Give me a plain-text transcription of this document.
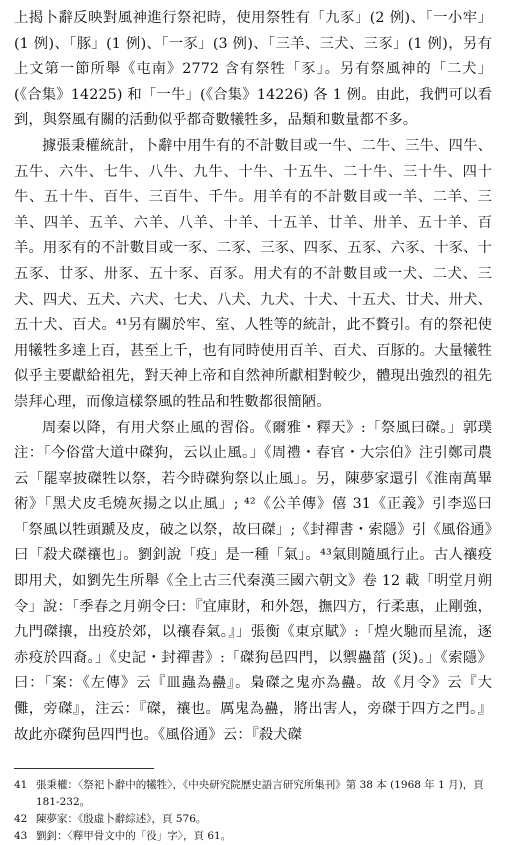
上揭卜辭反映對風神進行祭祀時，使用祭牲有「九豕」(2 例)、「一小牢」(1 例)、「豚」(1 例)、「一豕」(3 例)、「三羊、三犬、三豕」(1 例)，另有上文第一節所舉《屯南》2772 含有祭牲「豕」。另有祭風神的「二犬」(《合集》14225) 和「一牛」(《合集》14226) 各 1 例。由此，我們可以看到，與祭風有關的活動似乎都奇數犧牲多，品類和數量都不多。

據張秉權統計，卜辭中用牛有的不計數目或一牛、二牛、三牛、四牛、五牛、六牛、七牛、八牛、九牛、十牛、十五牛、二十牛、三十牛、四十牛、五十牛、百牛、三百牛、千牛。用羊有的不計數目或一羊、二羊、三羊、四羊、五羊、六羊、八羊、十羊、十五羊、廿羊、卅羊、五十羊、百羊。用豕有的不計數目或一豕、二豕、三豕、四豕、五豕、六豕、十豕、十五豕、廿豕、卅豕、五十豕、百豕。用犬有的不計數目或一犬、二犬、三犬、四犬、五犬、六犬、七犬、八犬、九犬、十犬、十五犬、廿犬、卅犬、五十犬、百犬。⁴¹另有關於牢、室、人牲等的統計，此不贅引。有的祭祀使用犧牲多達上百，甚至上千，也有同時使用百羊、百犬、百豚的。大量犧牲似乎主要獻給祖先，對天神上帝和自然神所獻相對較少，體現出強烈的祖先崇拜心理，而像這樣祭風的牲品和牲數都很簡陋。

周秦以降，有用犬祭止風的習俗。《爾雅・釋天》:「祭風曰磔。」郭璞注：「今俗當大道中磔狗，云以止風。」《周禮・春官・大宗伯》注引鄭司農云「罷辜披磔牲以祭，若今時磔狗祭以止風」。另，陳夢家還引《淮南萬畢術》「黑犬皮毛燒灰揚之以止風」; ⁴²《公羊傳》僖 31《正義》引李巡曰「祭風以牲頭蹏及皮，破之以祭，故曰磔」;《封禪書・索隱》引《風俗通》曰「殺犬磔禳也」。劉釗說「疫」是一種「氣」。⁴³氣則隨風行止。古人禳疫即用犬，如劉先生所舉《全上古三代秦漢三國六朝文》卷 12 載「明堂月朔令」說：「季春之月朔令曰：『宜庫財，和外怨，撫四方，行柔惠，止剛強，九門磔攘，出疫於郊，以禳春氣。』」張衡《東京賦》:「煌火馳而星流，逐赤疫於四裔。」《史記・封禪書》:「磔狗邑四門，以禦蠱菑 (災)。」《索隱》曰：「案：《左傳》云『皿蟲為蠱』。梟磔之鬼亦為蠱。故《月令》云『大儺，旁磔』，注云：『磔，禳也。厲鬼為蠱，將出害人，旁磔于四方之門。』故此亦磔狗邑四門也。《風俗通》云：『殺犬磔

41 張秉權：〈祭祀卜辭中的犧牲〉，《中央研究院歷史語言研究所集刊》第 38 本 (1968 年 1 月)，頁 181-232。

42 陳夢家：《殷虛卜辭綜述》，頁 576。

43 劉釗：〈釋甲骨文中的「役」字〉，頁 61。
